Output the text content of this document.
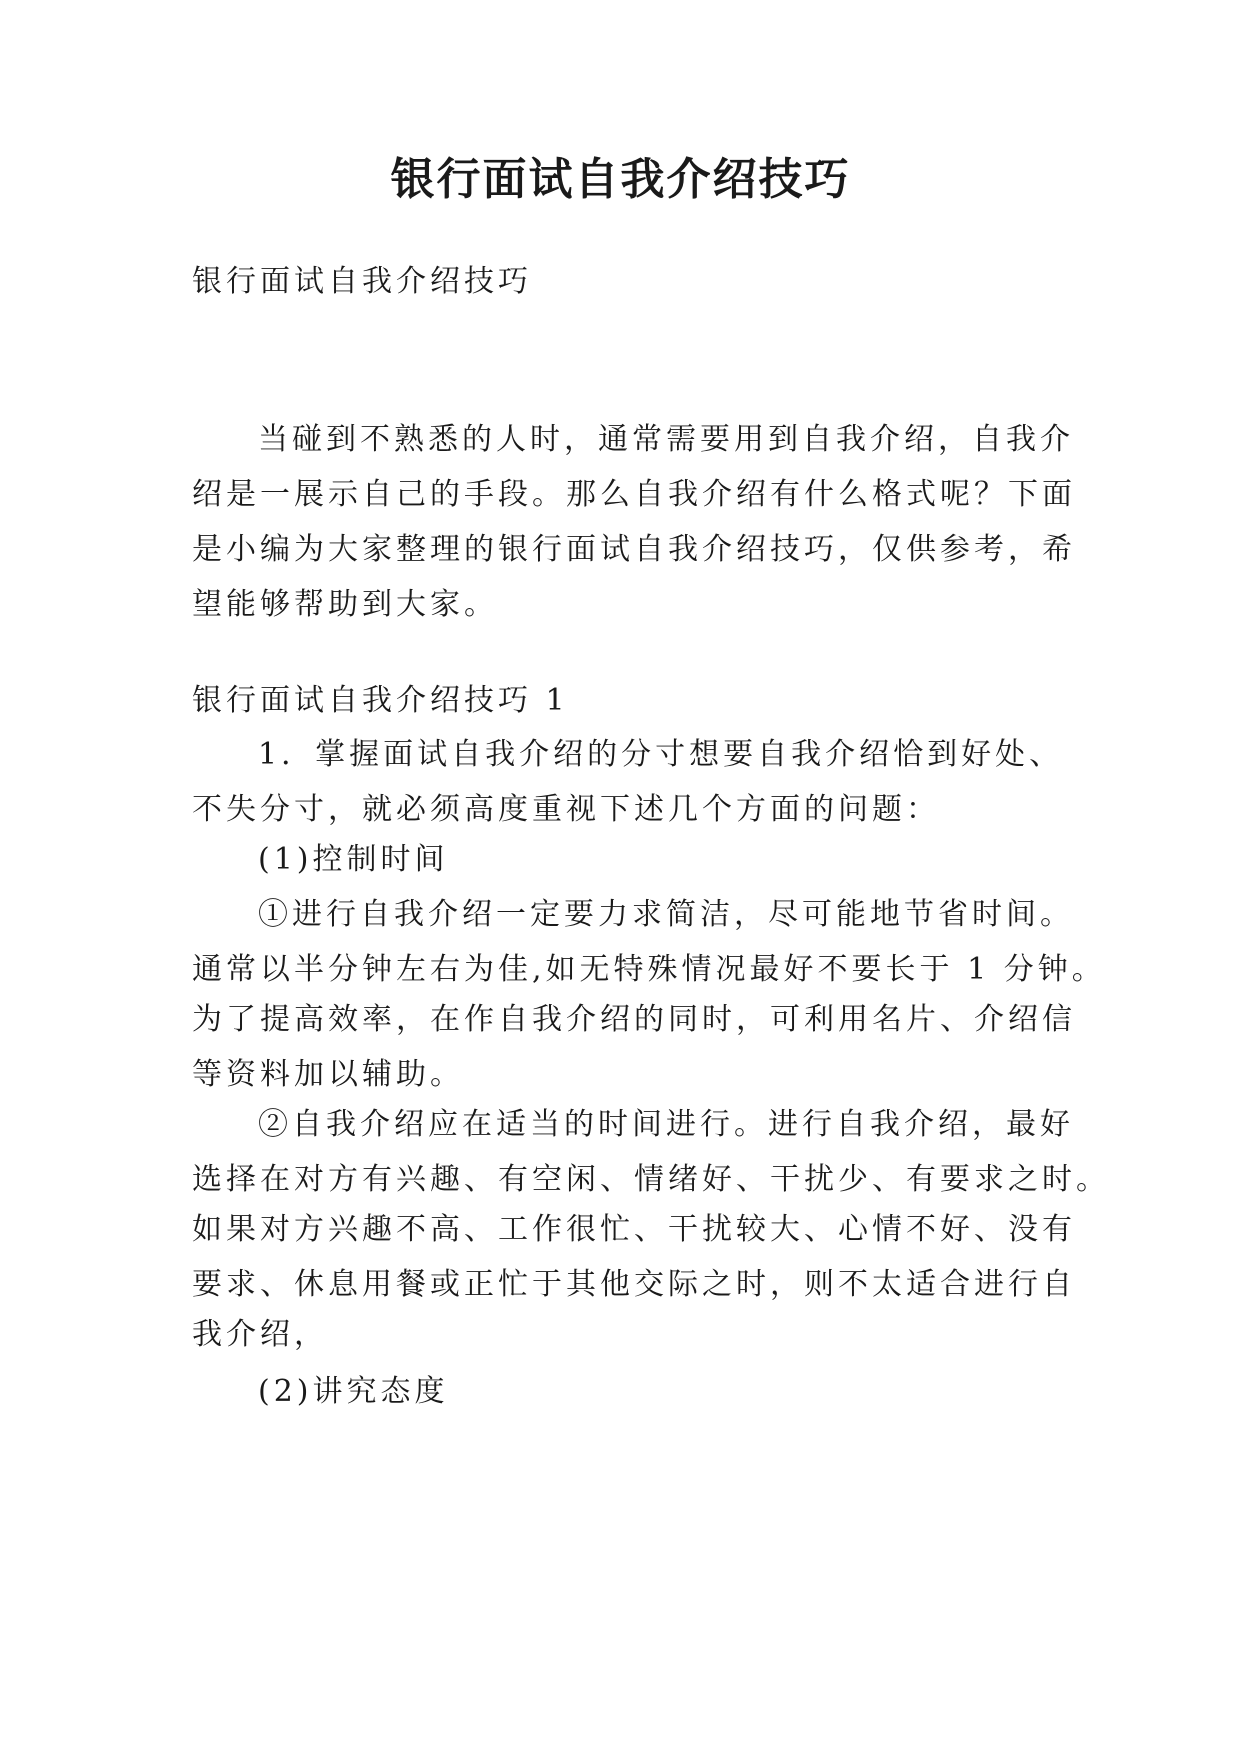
银行面试自我介绍技巧
银行面试自我介绍技巧
当碰到不熟悉的人时，通常需要用到自我介绍，自我介
绍是一展示自己的手段。那么自我介绍有什么格式呢？下面
是小编为大家整理的银行面试自我介绍技巧，仅供参考，希
望能够帮助到大家。
银行面试自我介绍技巧 1
1．掌握面试自我介绍的分寸想要自我介绍恰到好处、
不失分寸，就必须高度重视下述几个方面的问题：
(1)控制时间
①进行自我介绍一定要力求简洁，尽可能地节省时间。
通常以半分钟左右为佳,如无特殊情况最好不要长于 1 分钟。
为了提高效率，在作自我介绍的同时，可利用名片、介绍信
等资料加以辅助。
②自我介绍应在适当的时间进行。进行自我介绍，最好
选择在对方有兴趣、有空闲、情绪好、干扰少、有要求之时。
如果对方兴趣不高、工作很忙、干扰较大、心情不好、没有
要求、休息用餐或正忙于其他交际之时，则不太适合进行自
我介绍，
(2)讲究态度
